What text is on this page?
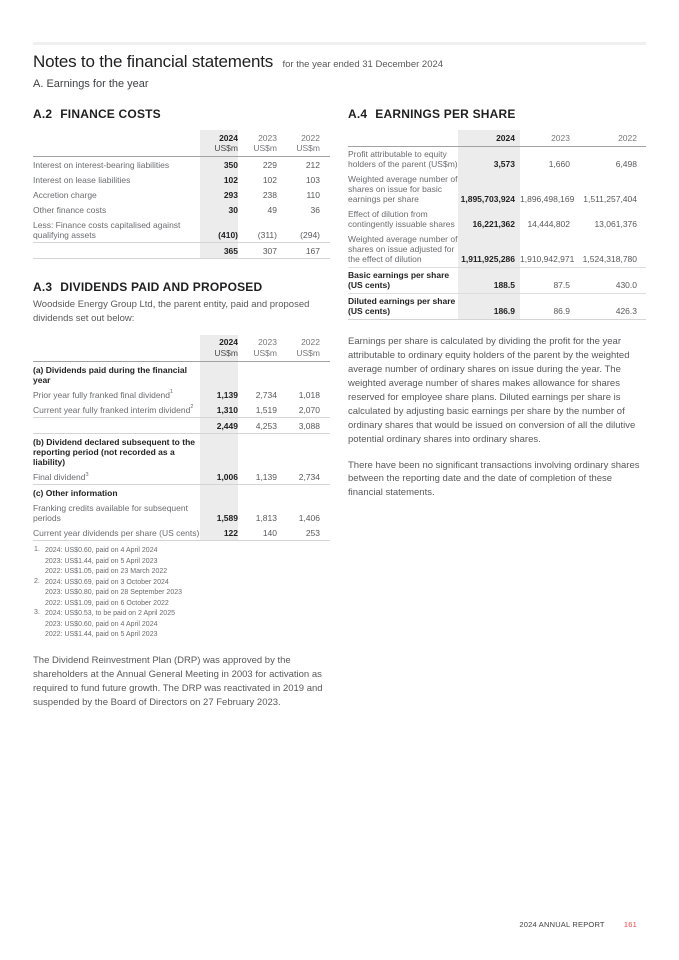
Notes to the financial statements for the year ended 31 December 2024
A. Earnings for the year
A.2 FINANCE COSTS

2024
US$m

2023
US$m

2022
US$m

Interest on interest-bearing liabilities	350	229	212
Interest on lease liabilities	102	102	103
Accretion charge	293	238	110
Other finance costs	30	49	36
Less: Finance costs capitalised against qualifying assets	(410)	(311)	(294)
	365	307	167
A.3 DIVIDENDS PAID AND PROPOSED
Woodside Energy Group Ltd, the parent entity, paid and proposed dividends set out below:

2024
US$m

2023
US$m

2022
US$m

(a) Dividends paid during the financial year			
Prior year fully franked final dividend$^1$	1,139	2,734	1,018
Current year fully franked interim dividend$^2$	1,310	1,519	2,070
	2,449	4,253	3,088
(b) Dividend declared subsequent to the reporting period (not recorded as a liability)			
Final dividend$^3$	1,006	1,139	2,734
(c) Other information			
Franking credits available for subsequent periods	1,589	1,813	1,406
Current year dividends per share (US cents)	122	140	253
1. 2024: US$0.60, paid on 4 April 2024
2023: US$1.44, paid on 5 April 2023
2022: US$1.05, paid on 23 March 2022
2. 2024: US$0.69, paid on 3 October 2024
2023: US$0.80, paid on 28 September 2023
2022: US$1.09, paid on 6 October 2022
3. 2024: US$0.53, to be paid on 2 April 2025
2023: US$0.60, paid on 4 April 2024
2022: US$1.44, paid on 5 April 2023
The Dividend Reinvestment Plan (DRP) was approved by the shareholders at the Annual General Meeting in 2003 for activation as required to fund future growth. The DRP was reactivated in 2019 and suspended by the Board of Directors on 27 February 2023.
A.4 EARNINGS PER SHARE

	2024	2023	2022

Profit attributable to equity holders of the parent (US$m)	3,573	1,660	6,498
Weighted average number of shares on issue for basic earnings per share	1,895,703,924	1,896,498,169	1,511,257,404
Effect of dilution from contingently issuable shares	16,221,362	14,444,802	13,061,376
Weighted average number of shares on issue adjusted for the effect of dilution	1,911,925,286	1,910,942,971	1,524,318,780
Basic earnings per share (US cents)	188.5	87.5	430.0
Diluted earnings per share (US cents)	186.9	86.9	426.3
Earnings per share is calculated by dividing the profit for the year attributable to ordinary equity holders of the parent by the weighted average number of ordinary shares on issue during the year. The weighted average number of shares makes allowance for shares reserved for employee share plans. Diluted earnings per share is calculated by adjusting basic earnings per share by the number of ordinary shares that would be issued on conversion of all the dilutive potential ordinary shares into ordinary shares.
There have been no significant transactions involving ordinary shares between the reporting date and the date of completion of these financial statements.
2024 ANNUAL REPORT	161
